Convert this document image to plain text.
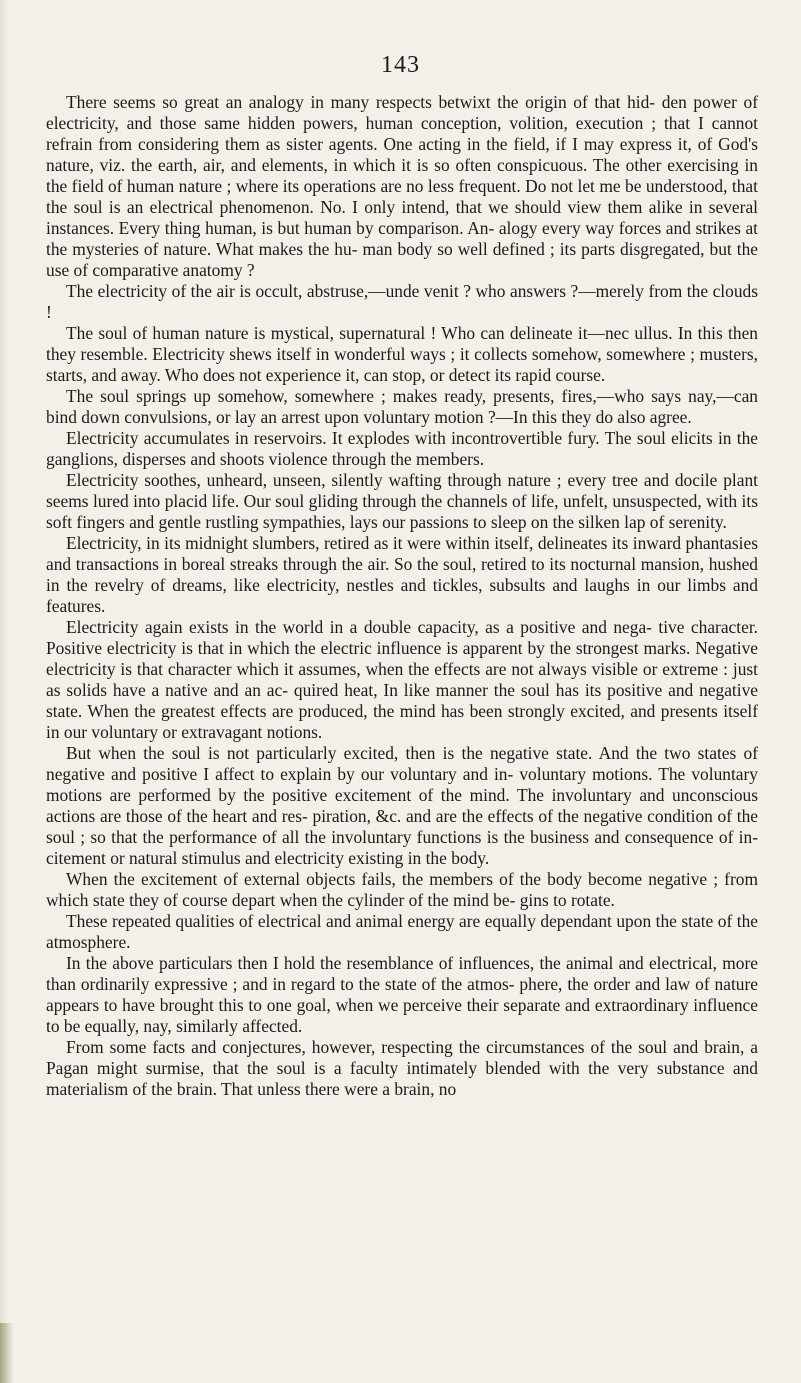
143

There seems so great an analogy in many respects betwixt the origin of that hid- den power of electricity, and those same hidden powers, human conception, volition, execution ; that I cannot refrain from considering them as sister agents. One acting in the field, if I may express it, of God's nature, viz. the earth, air, and elements, in which it is so often conspicuous. The other exercising in the field of human nature ; where its operations are no less frequent. Do not let me be understood, that the soul is an electrical phenomenon. No. I only intend, that we should view them alike in several instances. Every thing human, is but human by comparison. An- alogy every way forces and strikes at the mysteries of nature. What makes the hu- man body so well defined ; its parts disgregated, but the use of comparative anatomy ?

The electricity of the air is occult, abstruse,—unde venit ? who answers ?—merely from the clouds !

The soul of human nature is mystical, supernatural ! Who can delineate it—nec ullus. In this then they resemble. Electricity shews itself in wonderful ways ; it collects somehow, somewhere ; musters, starts, and away. Who does not experience it, can stop, or detect its rapid course.

The soul springs up somehow, somewhere ; makes ready, presents, fires,—who says nay,—can bind down convulsions, or lay an arrest upon voluntary motion ?—In this they do also agree.

Electricity accumulates in reservoirs. It explodes with incontrovertible fury. The soul elicits in the ganglions, disperses and shoots violence through the members.

Electricity soothes, unheard, unseen, silently wafting through nature ; every tree and docile plant seems lured into placid life. Our soul gliding through the channels of life, unfelt, unsuspected, with its soft fingers and gentle rustling sympathies, lays our passions to sleep on the silken lap of serenity.

Electricity, in its midnight slumbers, retired as it were within itself, delineates its inward phantasies and transactions in boreal streaks through the air. So the soul, retired to its nocturnal mansion, hushed in the revelry of dreams, like electricity, nestles and tickles, subsults and laughs in our limbs and features.

Electricity again exists in the world in a double capacity, as a positive and nega- tive character. Positive electricity is that in which the electric influence is apparent by the strongest marks. Negative electricity is that character which it assumes, when the effects are not always visible or extreme : just as solids have a native and an ac- quired heat, In like manner the soul has its positive and negative state. When the greatest effects are produced, the mind has been strongly excited, and presents itself in our voluntary or extravagant notions.

But when the soul is not particularly excited, then is the negative state. And the two states of negative and positive I affect to explain by our voluntary and in- voluntary motions. The voluntary motions are performed by the positive excitement of the mind. The involuntary and unconscious actions are those of the heart and res- piration, &c. and are the effects of the negative condition of the soul ; so that the performance of all the involuntary functions is the business and consequence of in- citement or natural stimulus and electricity existing in the body.

When the excitement of external objects fails, the members of the body become negative ; from which state they of course depart when the cylinder of the mind be- gins to rotate.

These repeated qualities of electrical and animal energy are equally dependant upon the state of the atmosphere.

In the above particulars then I hold the resemblance of influences, the animal and electrical, more than ordinarily expressive ; and in regard to the state of the atmos- phere, the order and law of nature appears to have brought this to one goal, when we perceive their separate and extraordinary influence to be equally, nay, similarly affected.

From some facts and conjectures, however, respecting the circumstances of the soul and brain, a Pagan might surmise, that the soul is a faculty intimately blended with the very substance and materialism of the brain. That unless there were a brain, no
